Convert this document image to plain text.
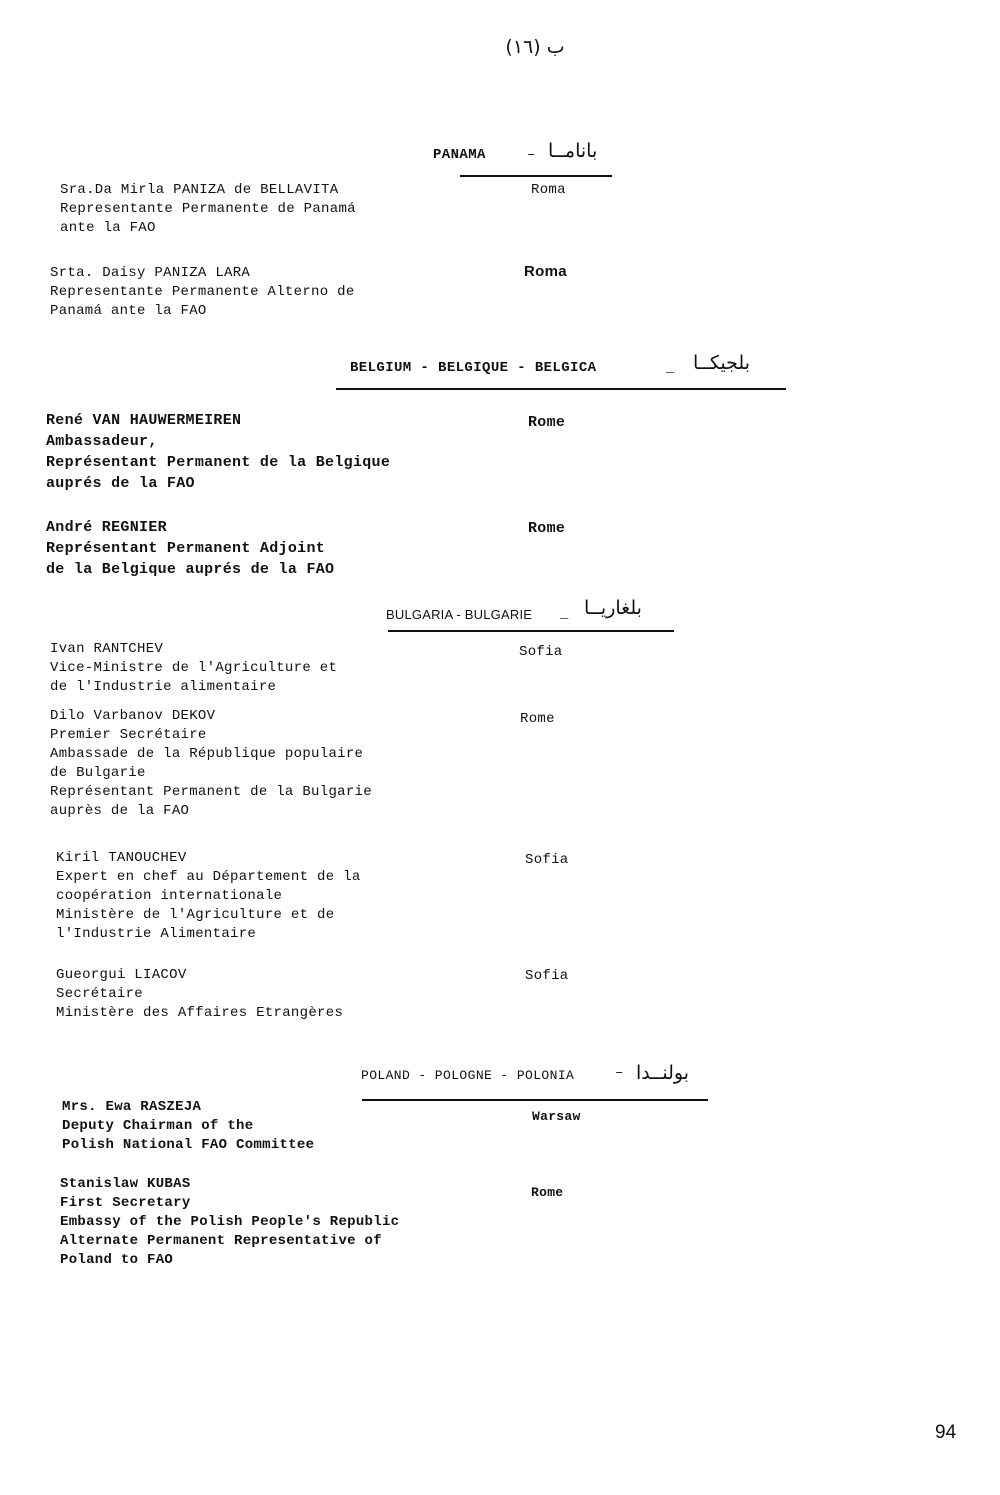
ب (١٦)
PANAMA	– بانامــا
Sra.Da Mirla PANIZA de BELLAVITA
Representante Permanente de Panamá
ante la FAO
Roma
Srta. Daisy PANIZA LARA
Representante Permanente Alterno de
Panamá ante la FAO
Roma
BELGIUM - BELGIQUE - BELGICA	_ بلجيكــا
René VAN HAUWERMEIREN
Ambassadeur,
Représentant Permanent de la Belgique
auprés de la FAO
Rome
André REGNIER
Représentant Permanent Adjoint
de la Belgique auprés de la FAO
Rome
BULGARIA - BULGARIE _ بلغاريــا
Ivan RANTCHEV
Vice-Ministre de l'Agriculture et
de l'Industrie alimentaire
Sofia
Dilo Varbanov DEKOV
Premier Secrétaire
Ambassade de la République populaire
de Bulgarie
Représentant Permanent de la Bulgarie
auprès de la FAO
Rome
Kiril TANOUCHEV
Expert en chef au Département de la
coopération internationale
Ministère de l'Agriculture et de
l'Industrie Alimentaire
Sofia
Gueorgui LIACOV
Secrétaire
Ministère des Affaires Etrangères
Sofia
POLAND - POLOGNE - POLONIA	– بولنــدا
Mrs. Ewa RASZEJA
Deputy Chairman of the
Polish National FAO Committee
Warsaw
Stanislaw KUBAS
First Secretary
Embassy of the Polish People's Republic
Alternate Permanent Representative of
Poland to FAO
Rome
94
